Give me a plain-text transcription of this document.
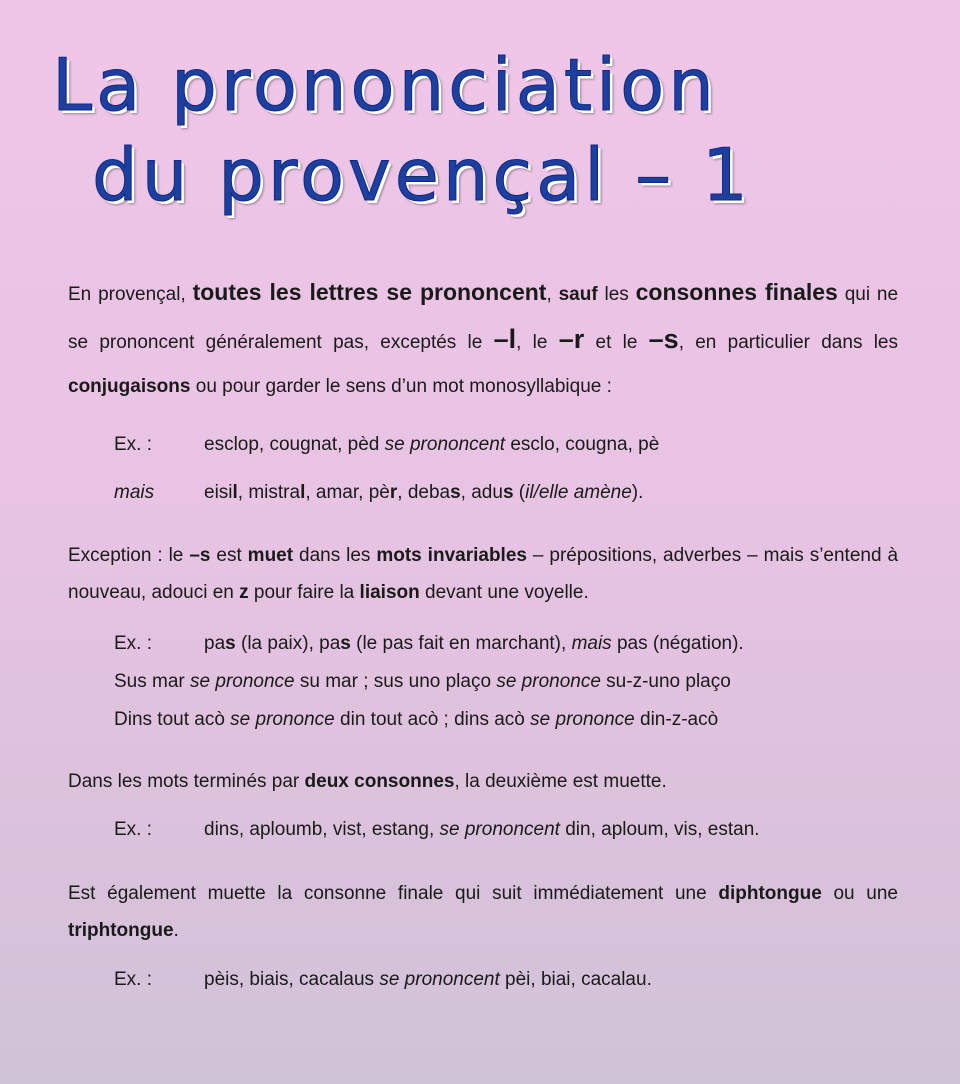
La prononciation
du provençal – 1

En provençal, toutes les lettres se prononcent, sauf les consonnes finales qui ne se prononcent généralement pas, exceptés le –l, le –r et le –s, en particulier dans les conjugaisons ou pour garder le sens d’un mot monosyllabique :

Ex. :	esclop, cougnat, pèd se prononcent esclo, cougna, pè
mais	eisil, mistral, amar, pèr, debas, adus (il/elle amène).

Exception : le –s est muet dans les mots invariables – prépositions, adverbes – mais s’entend à nouveau, adouci en z pour faire la liaison devant une voyelle.

Ex. :	pas (la paix), pas (le pas fait en marchant), mais pas (négation).
Sus mar se prononce su mar ; sus uno plaço se prononce su-z-uno plaço
Dins tout acò se prononce din tout acò ; dins acò se prononce din-z-acò

Dans les mots terminés par deux consonnes, la deuxième est muette.

Ex. :	dins, aploumb, vist, estang, se prononcent din, aploum, vis, estan.

Est également muette la consonne finale qui suit immédiatement une diphtongue ou une triphtongue.

Ex. :	pèis, biais, cacalaus se prononcent pèi, biai, cacalau.
